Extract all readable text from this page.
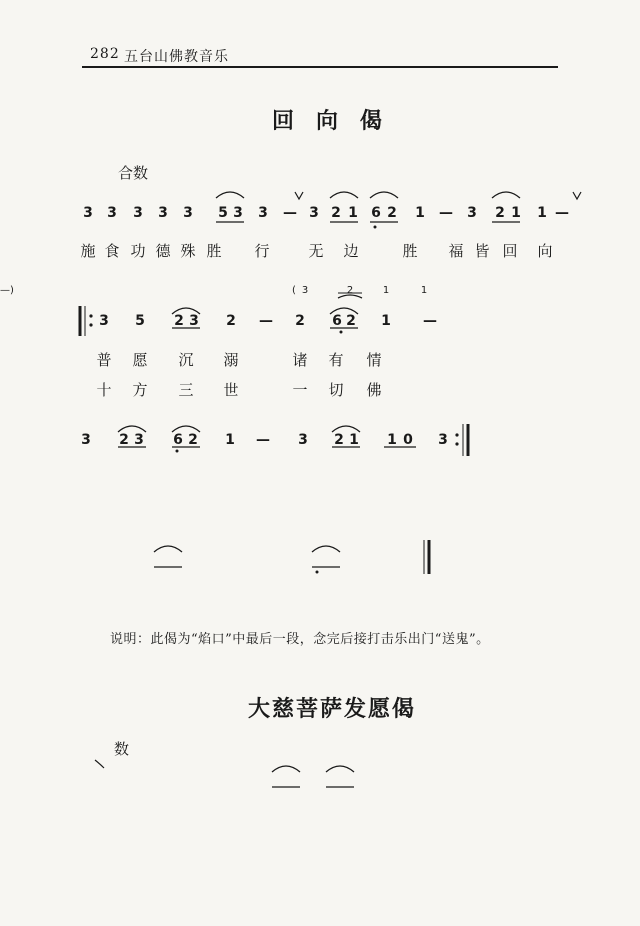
282 五台山佛教音乐
回向偈
合数
3 3 3 3 3 5 3 3 — 3 2 1 6 2 1 — 3 2 1 1 —
施 食 功 德 殊 胜 行	无 边	胜 福 皆 回 向
( 3	2	1	1
—)
3 5 2 3 2 — 2 6 2 1 —
普 愿 沉 溺	诸 有 情
十 方 三 世	一 切 佛
3 2 3 6 2 1 — 3 2 1 1 0 3
说明：此偈为“焰口”中最后一段，念完后接打击乐出门“送鬼”。
大慈菩萨发愿偈
数
